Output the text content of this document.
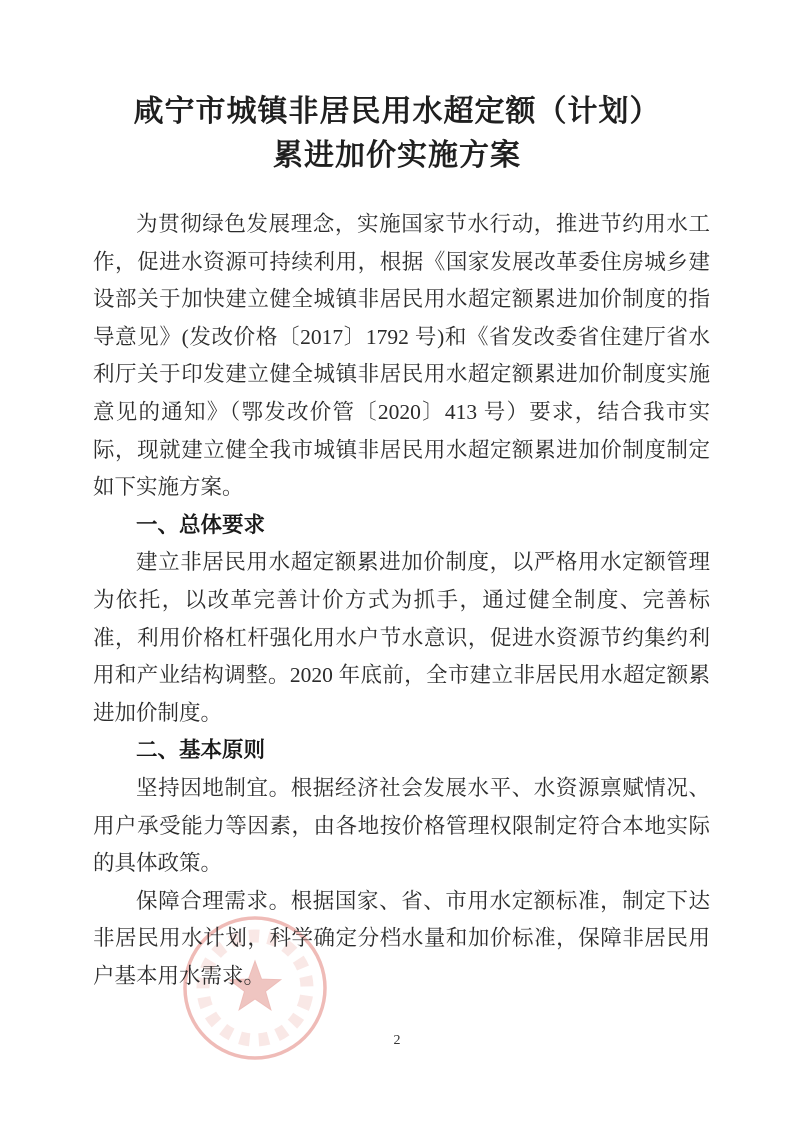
咸宁市城镇非居民用水超定额（计划）
累进加价实施方案

为贯彻绿色发展理念，实施国家节水行动，推进节约用水工作，促进水资源可持续利用，根据《国家发展改革委住房城乡建设部关于加快建立健全城镇非居民用水超定额累进加价制度的指导意见》(发改价格〔2017〕1792 号)和《省发改委省住建厅省水利厅关于印发建立健全城镇非居民用水超定额累进加价制度实施意见的通知》（鄂发改价管〔2020〕413 号）要求，结合我市实际，现就建立健全我市城镇非居民用水超定额累进加价制度制定如下实施方案。

一、总体要求

建立非居民用水超定额累进加价制度，以严格用水定额管理为依托，以改革完善计价方式为抓手，通过健全制度、完善标准，利用价格杠杆强化用水户节水意识，促进水资源节约集约利用和产业结构调整。2020 年底前，全市建立非居民用水超定额累进加价制度。

二、基本原则

坚持因地制宜。根据经济社会发展水平、水资源禀赋情况、用户承受能力等因素，由各地按价格管理权限制定符合本地实际的具体政策。

保障合理需求。根据国家、省、市用水定额标准，制定下达非居民用水计划，科学确定分档水量和加价标准，保障非居民用户基本用水需求。

2
